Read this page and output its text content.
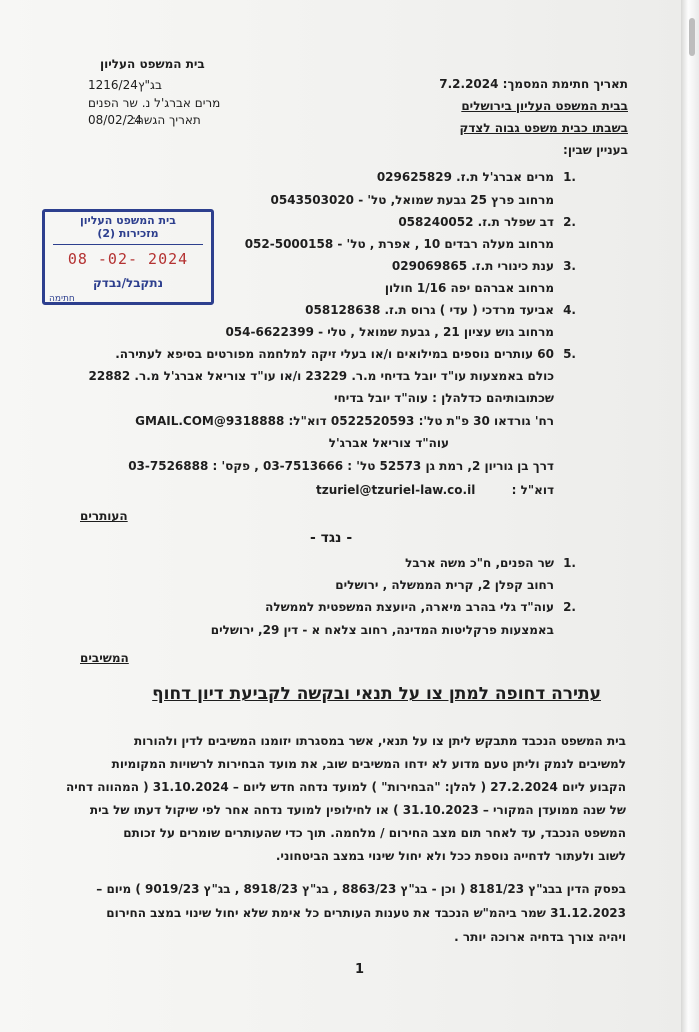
בית המשפט העליון
בג"ץ
1216/24
מרים אברג'ל נ. שר הפנים
תאריך הגשה:
08/02/24
תאריך חתימת המסמך: 7.2.2024
בבית המשפט העליון בירושלים
בשבתו כבית משפט גבוה לצדק
בעניין שבין:
בית המשפט העליון
מזכירות (2)
08 -02- 2024
נתקבל/נבדק
חתימה
1.
מרים אברג'ל ת.ז. 029625829
מרחוב פרץ 25 גבעת שמואל, טל' - 0543503020
2.
דב שפלר ת.ז. 058240052
מרחוב מעלה רבדים 10 , אפרת , טל' - 052-5000158
3.
ענת כינורי ת.ז. 029069865
מרחוב אברהם יפה 1/16 חולון
4.
אביעד מרדכי ( עדי ) גרוס ת.ז. 058128638
מרחוב גוש עציון 21 , גבעת שמואל , טלי - 054-6622399
5.
60 עותרים נוספים במילואים ו/או בעלי זיקה למלחמה מפורטים בסיפא לעתירה.
כולם באמצעות עו"ד יובל בדיחי מ.ר. 23229 ו/או עו"ד צוריאל אברג'ל מ.ר. 22882
שכתובותיהם כדלהלן : עוה"ד יובל בדיחי
רח' גורדאו 30 פ"ת טל': 0522520593 דוא"ל: 9318888@GMAIL.COM
עוה"ד צוריאל אברג'ל
דרך בן גוריון 2, רמת גן 52573 טל' : 03-7513666 , פקס' : 03-7526888
דוא"ל :
tzuriel@tzuriel-law.co.il
העותרים
- נגד -
1.
שר הפנים, ח"כ משה ארבל
רחוב קפלן 2, קרית הממשלה , ירושלים
2.
עוה"ד גלי בהרב מיארה, היועצת המשפטית לממשלה
באמצעות פרקליטות המדינה, רחוב צלאח א - דין 29, ירושלים
המשיבים
עתירה דחופה למתן צו על תנאי ובקשה לקביעת דיון דחוף
בית המשפט הנכבד מתבקש ליתן צו על תנאי, אשר במסגרתו יזומנו המשיבים לדין ולהורות
למשיבים לנמק וליתן טעם מדוע לא ידחו המשיבים שוב, את מועד הבחירות לרשויות המקומיות
הקבוע ליום 27.2.2024 ( להלן: "הבחירות" ) למועד נדחה חדש ליום – 31.10.2024 ( המהווה דחיה
של שנה ממועדן המקורי – 31.10.2023 ) או לחילופין למועד נדחה אחר לפי שיקול דעתו של בית
המשפט הנכבד, עד לאחר תום מצב החירום / מלחמה. תוך כדי שהעותרים שומרים על זכותם
לשוב ולעתור לדחייה נוספת ככל ולא יחול שינוי במצב הביטחוני.
בפסק הדין בבג"ץ 8181/23 ( וכן - בג"ץ 8863/23 , בג"ץ 8918/23 , בג"ץ 9019/23 ) מיום –
31.12.2023 שמר ביהמ"ש הנכבד את טענות העותרים כל אימת שלא יחול שינוי במצב החירום
ויהיה צורך בדחיה ארוכה יותר .
1
